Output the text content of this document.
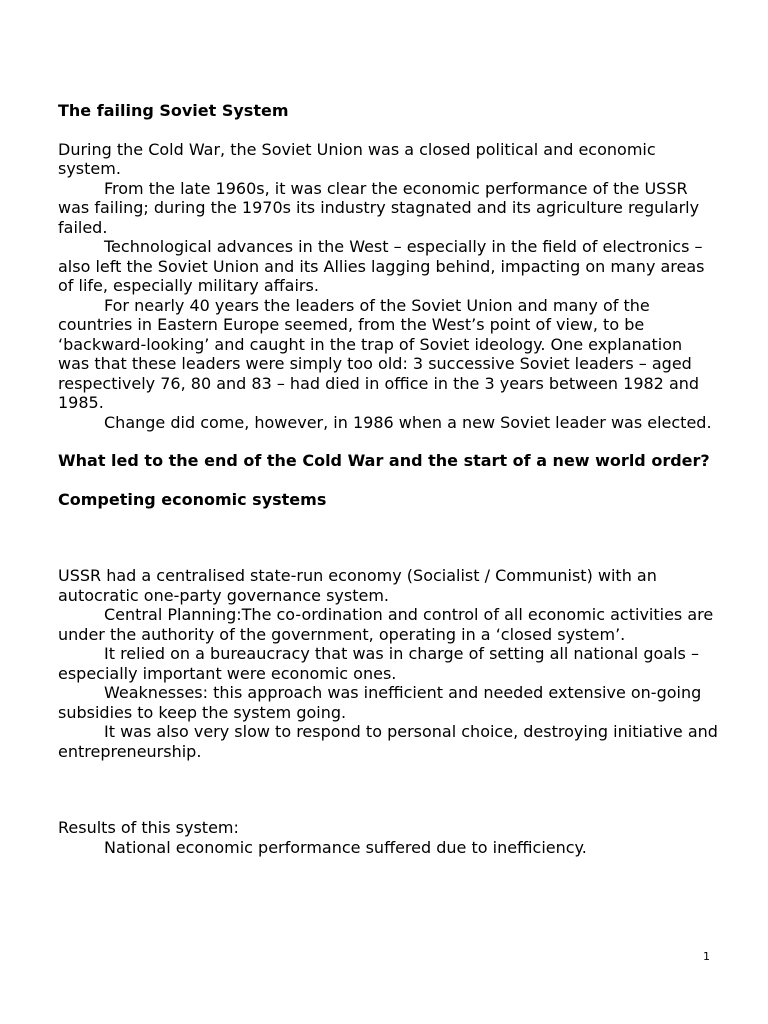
The failing Soviet System

During the Cold War, the Soviet Union was a closed political and economic system.

From the late 1960s, it was clear the economic performance of the USSR was failing; during the 1970s its industry stagnated and its agriculture regularly failed.

Technological advances in the West – especially in the field of electronics – also left the Soviet Union and its Allies lagging behind, impacting on many areas of life, especially military affairs.

For nearly 40 years the leaders of the Soviet Union and many of the countries in Eastern Europe seemed, from the West’s point of view, to be ‘backward-looking’ and caught in the trap of Soviet ideology. One explanation was that these leaders were simply too old: 3 successive Soviet leaders – aged respectively 76, 80 and 83 – had died in office in the 3 years between 1982 and 1985.

Change did come, however, in 1986 when a new Soviet leader was elected.

What led to the end of the Cold War and the start of a new world order?
Competing economic systems

USSR had a centralised state-run economy (Socialist / Communist) with an autocratic one-party governance system.

Central Planning:The co-ordination and control of all economic activities are under the authority of the government, operating in a ‘closed system’.

It relied on a bureaucracy that was in charge of setting all national goals – especially important were economic ones.

Weaknesses: this approach was inefficient and needed extensive on-going subsidies to keep the system going.

It was also very slow to respond to personal choice, destroying initiative and entrepreneurship.

Results of this system:

National economic performance suffered due to inefficiency.

1
